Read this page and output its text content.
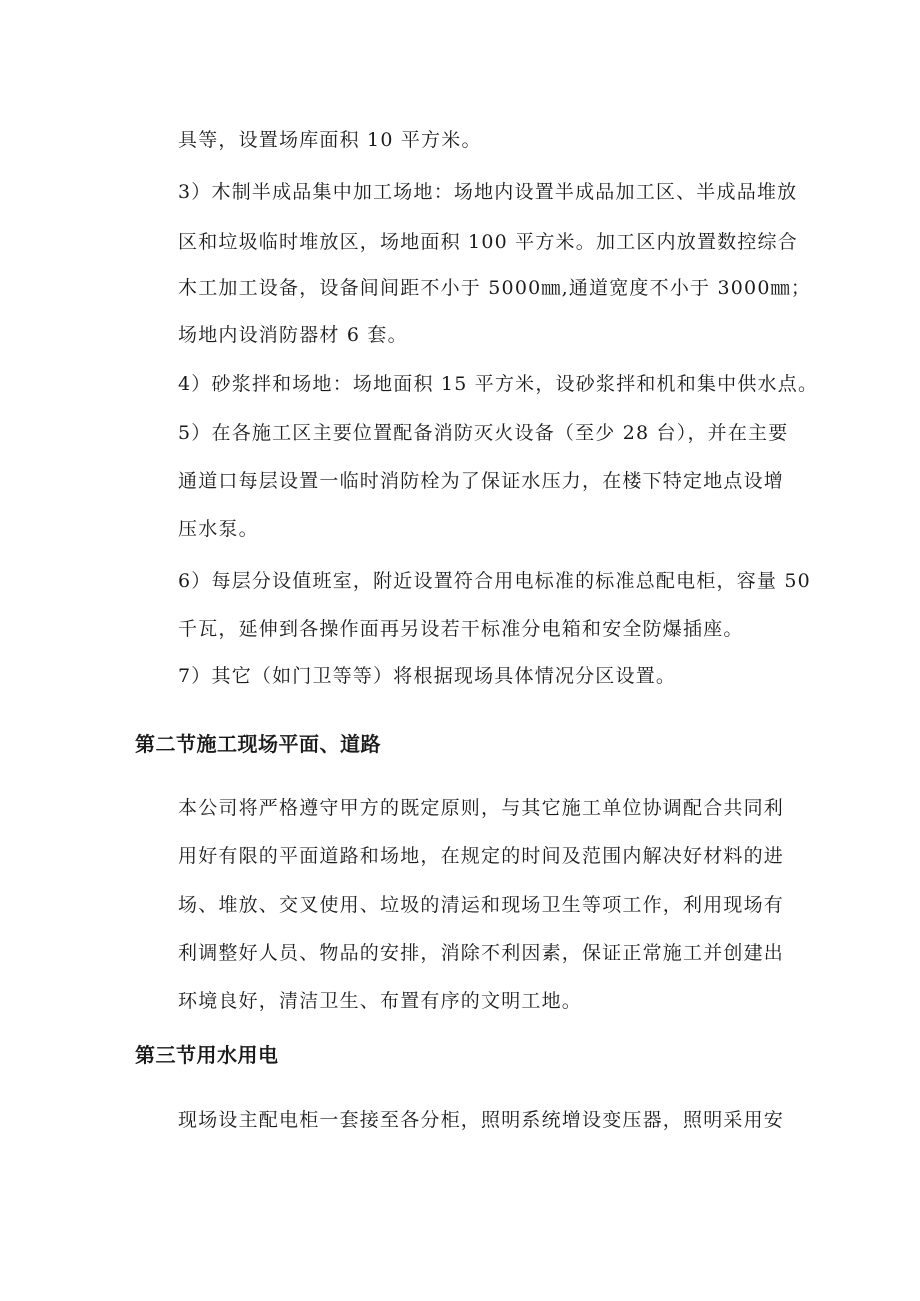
具等，设置场库面积 10 平方米。
3）木制半成品集中加工场地：场地内设置半成品加工区、半成品堆放
区和垃圾临时堆放区，场地面积 100 平方米。加工区内放置数控综合
木工加工设备，设备间间距不小于 5000㎜,通道宽度不小于 3000㎜；
场地内设消防器材 6 套。
4）砂浆拌和场地：场地面积 15 平方米，设砂浆拌和机和集中供水点。
5）在各施工区主要位置配备消防灭火设备（至少 28 台），并在主要
通道口每层设置一临时消防栓为了保证水压力，在楼下特定地点设增
压水泵。
6）每层分设值班室，附近设置符合用电标准的标准总配电柜，容量 50
千瓦，延伸到各操作面再另设若干标准分电箱和安全防爆插座。
7）其它（如门卫等等）将根据现场具体情况分区设置。
第二节施工现场平面、道路
本公司将严格遵守甲方的既定原则，与其它施工单位协调配合共同利
用好有限的平面道路和场地，在规定的时间及范围内解决好材料的进
场、堆放、交叉使用、垃圾的清运和现场卫生等项工作，利用现场有
利调整好人员、物品的安排，消除不利因素，保证正常施工并创建出
环境良好，清洁卫生、布置有序的文明工地。
第三节用水用电
现场设主配电柜一套接至各分柜，照明系统增设变压器，照明采用安
